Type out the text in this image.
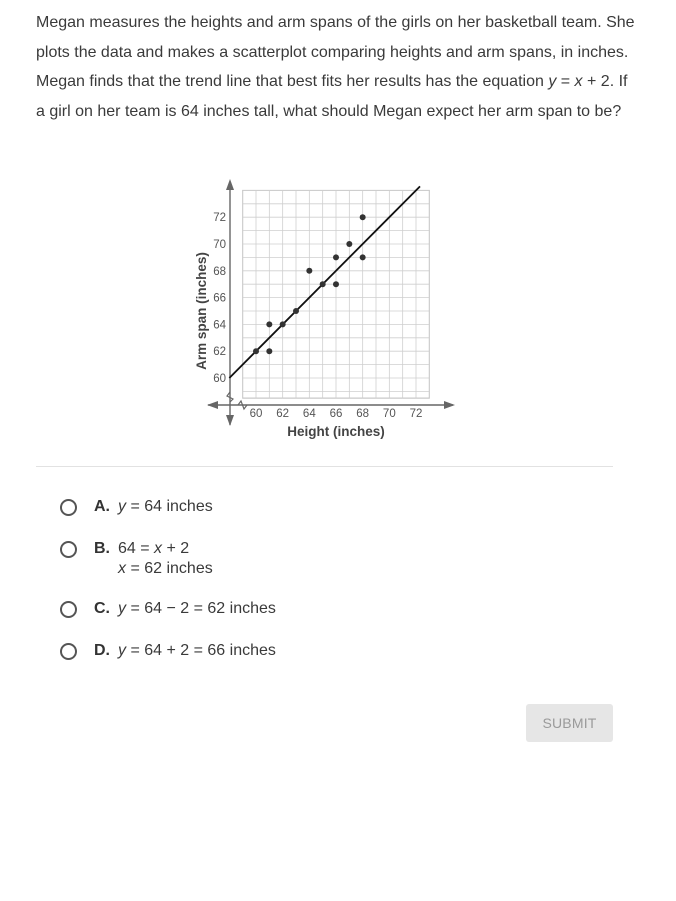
Megan measures the heights and arm spans of the girls on her basketball team. She plots the data and makes a scatterplot comparing heights and arm spans, in inches. Megan finds that the trend line that best fits her results has the equation y = x + 2. If a girl on her team is 64 inches tall, what should Megan expect her arm span to be?

60 62 64 66 68 70 72
60
62
64
66
68
70
72
Height (inches)
Arm span (inches)
A. y = 64 inches
B. 64 = x + 2
x = 62 inches
C. y = 64 − 2 = 62 inches
D. y = 64 + 2 = 66 inches
SUBMIT
